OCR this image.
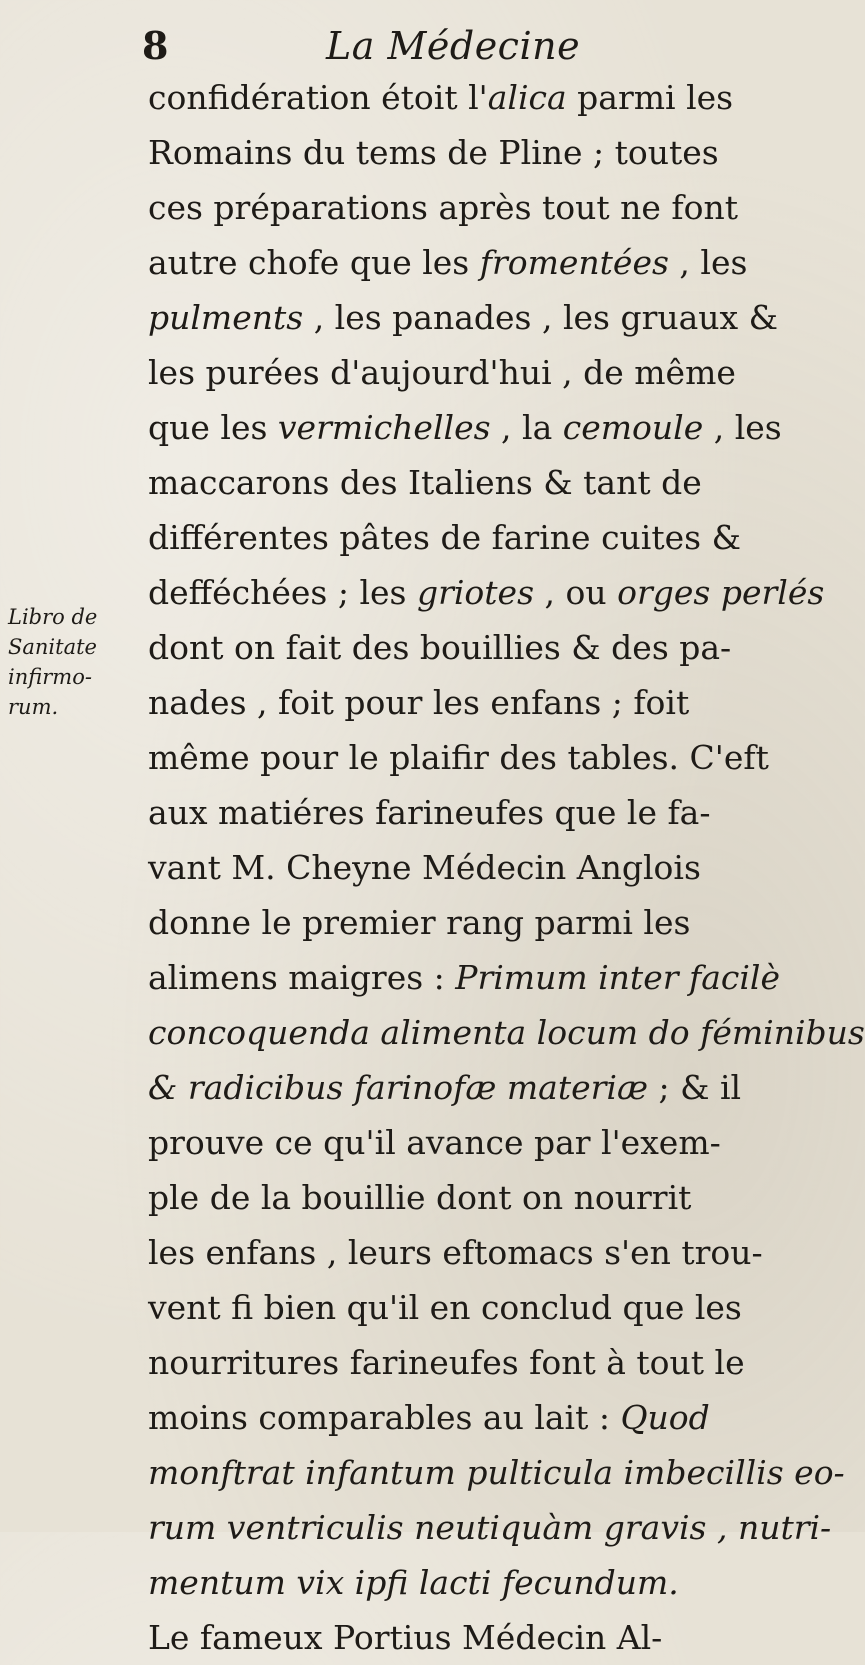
8	La Médecine
Libro de
Sanitate
infirmo-
rum.
confidération étoit l'alica parmi les
Romains du tems de Pline ; toutes
ces préparations après tout ne font
autre chofe que les fromentées , les
pulments , les panades , les gruaux &
les purées d'aujourd'hui , de même
que les vermichelles , la cemoule , les
maccarons des Italiens & tant de
différentes pâtes de farine cuites &
defféchées ; les griotes , ou orges perlés
dont on fait des bouillies & des pa-
nades , foit pour les enfans ; foit
même pour le plaifir des tables. C'eft
aux matiéres farineufes que le fa-
vant M. Cheyne Médecin Anglois
donne le premier rang parmi les
alimens maigres : Primum inter facilè
concoquenda alimenta locum do féminibus
& radicibus farinofæ materiæ ; & il
prouve ce qu'il avance par l'exem-
ple de la bouillie dont on nourrit
les enfans , leurs eftomacs s'en trou-
vent fi bien qu'il en conclud que les
nourritures farineufes font à tout le
moins comparables au lait : Quod
monftrat infantum pulticula imbecillis eo-
rum ventriculis neutiquàm gravis , nutri-
mentum vix ipfi lacti fecundum.
Le fameux Portius Médecin Al-
